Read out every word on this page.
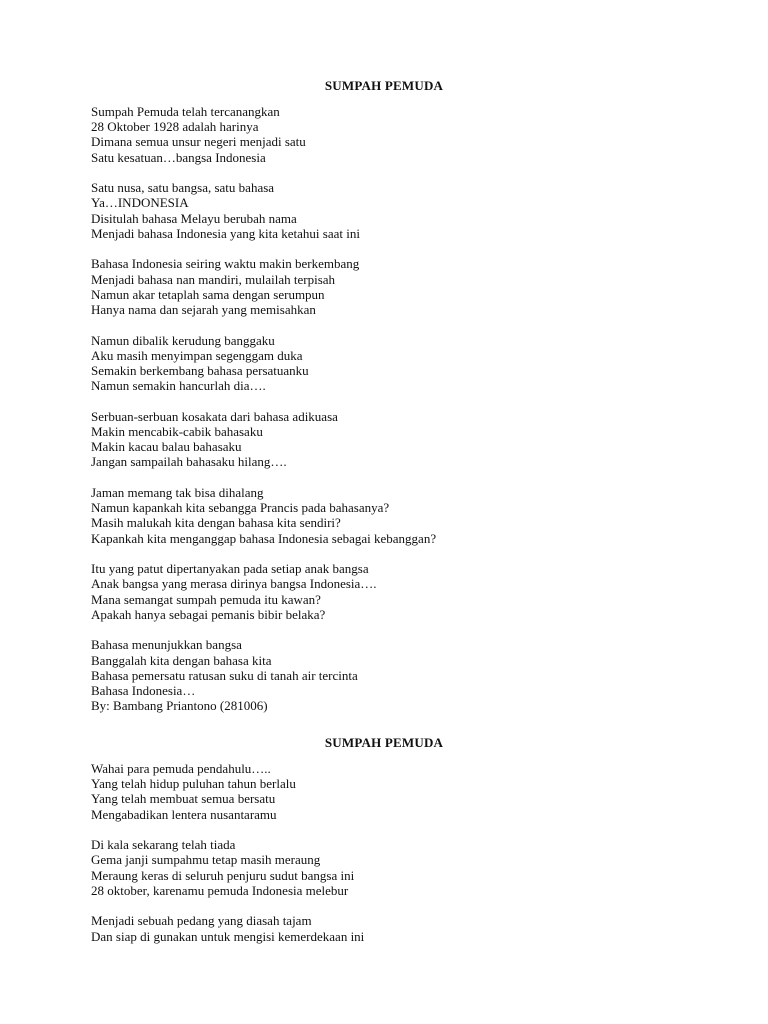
SUMPAH PEMUDA
Sumpah Pemuda telah tercanangkan
28 Oktober 1928 adalah harinya
Dimana semua unsur negeri menjadi satu
Satu kesatuan…bangsa Indonesia
Satu nusa, satu bangsa, satu bahasa
Ya…INDONESIA
Disitulah bahasa Melayu berubah nama
Menjadi bahasa Indonesia yang kita ketahui saat ini
Bahasa Indonesia seiring waktu makin berkembang
Menjadi bahasa nan mandiri, mulailah terpisah
Namun akar tetaplah sama dengan serumpun
Hanya nama dan sejarah yang memisahkan
Namun dibalik kerudung banggaku
Aku masih menyimpan segenggam duka
Semakin berkembang bahasa persatuanku
Namun semakin hancurlah dia….
Serbuan-serbuan kosakata dari bahasa adikuasa
Makin mencabik-cabik bahasaku
Makin kacau balau bahasaku
Jangan sampailah bahasaku hilang….
Jaman memang tak bisa dihalang
Namun kapankah kita sebangga Prancis pada bahasanya?
Masih malukah kita dengan bahasa kita sendiri?
Kapankah kita menganggap bahasa Indonesia sebagai kebanggan?
Itu yang patut dipertanyakan pada setiap anak bangsa
Anak bangsa yang merasa dirinya bangsa Indonesia….
Mana semangat sumpah pemuda itu kawan?
Apakah hanya sebagai pemanis bibir belaka?
Bahasa menunjukkan bangsa
Banggalah kita dengan bahasa kita
Bahasa pemersatu ratusan suku di tanah air tercinta
Bahasa Indonesia…
By: Bambang Priantono (281006)
SUMPAH PEMUDA
Wahai para pemuda pendahulu…..
Yang telah hidup puluhan tahun berlalu
Yang telah membuat semua bersatu
Mengabadikan lentera nusantaramu
Di kala sekarang telah tiada
Gema janji sumpahmu tetap masih meraung
Meraung keras di seluruh penjuru sudut bangsa ini
28 oktober, karenamu pemuda Indonesia melebur
Menjadi sebuah pedang yang diasah tajam
Dan siap di gunakan untuk mengisi kemerdekaan ini
